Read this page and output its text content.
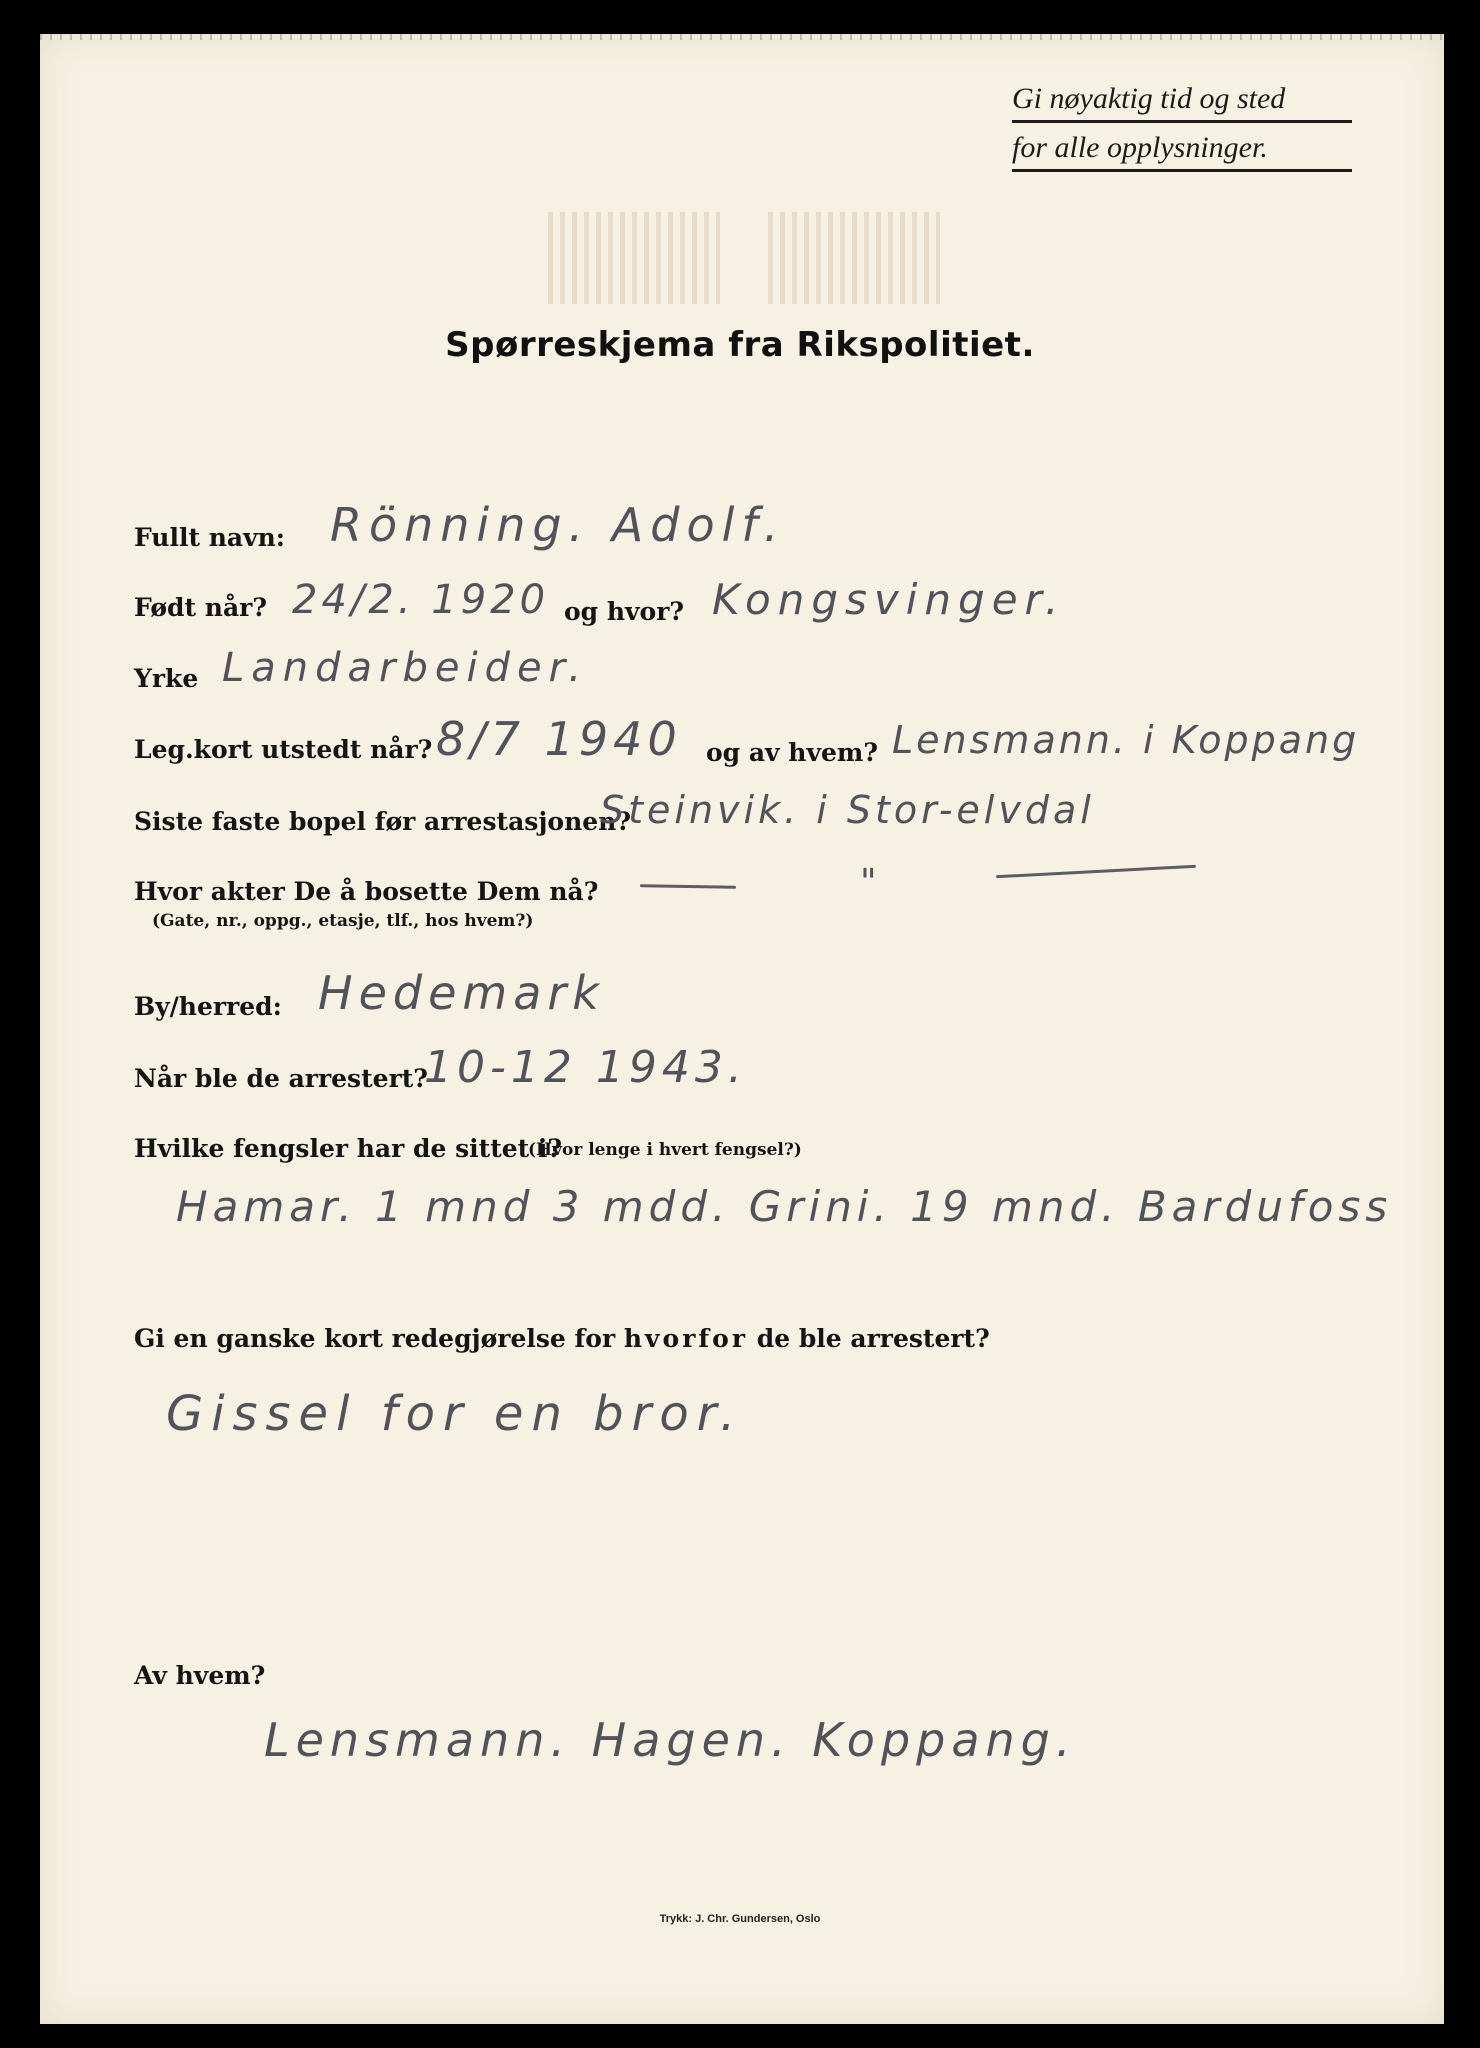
Gi nøyaktig tid og sted
for alle opplysninger.
Spørreskjema fra Rikspolitiet.
Fullt navn: Rönning. Adolf.
Født når? 24/2. 1920 og hvor? Kongsvinger.
Yrke Landarbeider.
Leg.kort utstedt når? 8/7 1940 og av hvem? Lensmann. i Koppang
Siste faste bopel før arrestasjonen?
Steinvik. i Stor-elvdal
Hvor akter De å bosette Dem nå?
(Gate, nr., oppg., etasje, tlf., hos hvem?)
"
By/herred: Hedemark
Når ble de arrestert?
10-12 1943.
Hvilke fengsler har de sittet i?
(Hvor lenge i hvert fengsel?)
Hamar. 1 mnd 3 mdd. Grini. 19 mnd. Bardufoss
Gi en ganske kort redegjørelse for hvorfor de ble arrestert?
Gissel for en bror.
Av hvem?
Lensmann. Hagen. Koppang.
Trykk: J. Chr. Gundersen, Oslo
